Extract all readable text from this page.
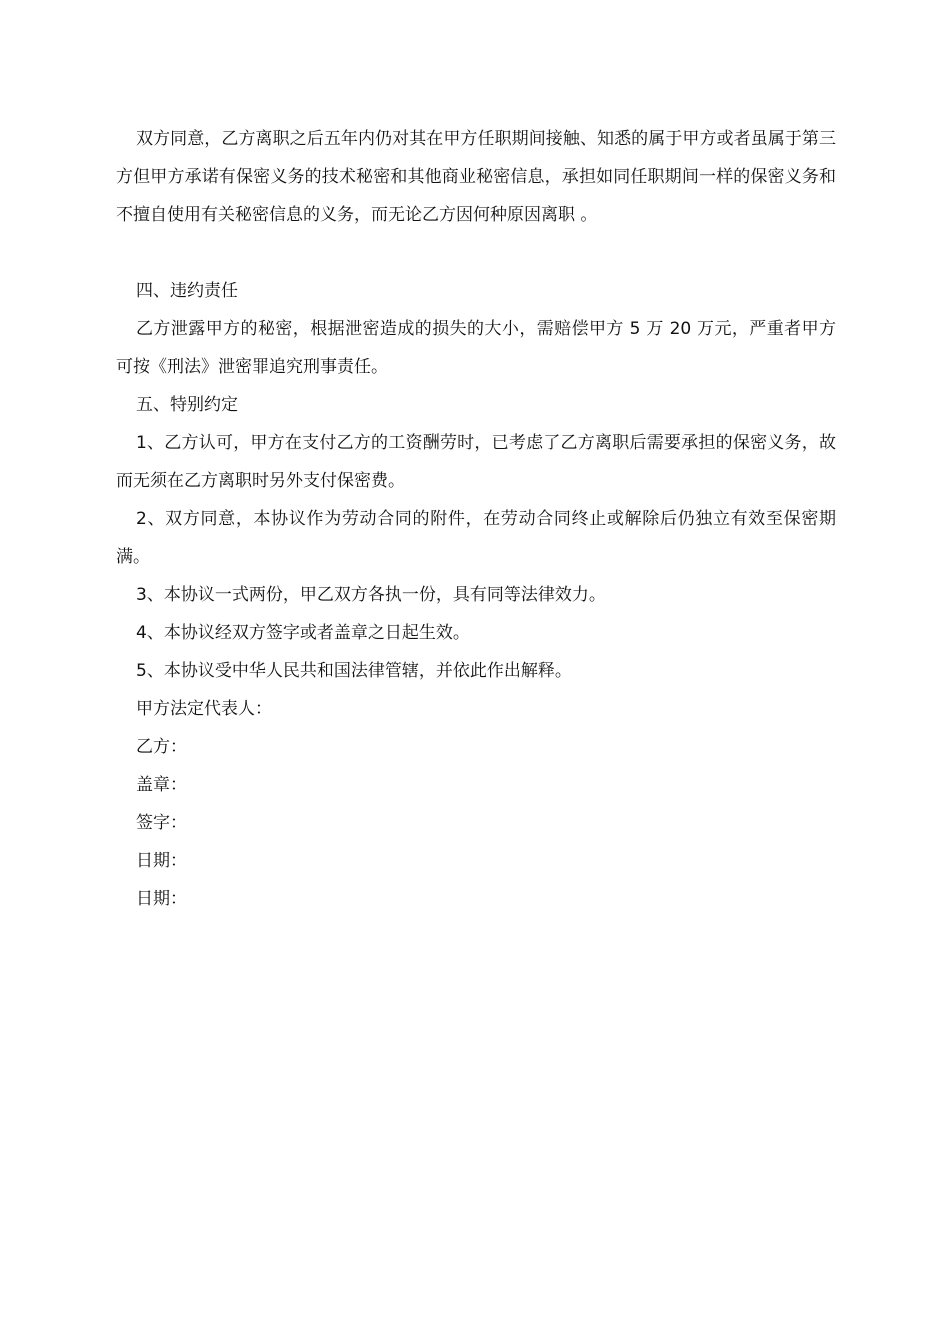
双方同意，乙方离职之后五年内仍对其在甲方任职期间接触、知悉的属于甲方或者虽属于第三方但甲方承诺有保密义务的技术秘密和其他商业秘密信息，承担如同任职期间一样的保密义务和不擅自使用有关秘密信息的义务，而无论乙方因何种原因离职 。

四、违约责任

乙方泄露甲方的秘密，根据泄密造成的损失的大小，需赔偿甲方 5 万 20 万元，严重者甲方可按《刑法》泄密罪追究刑事责任。

五、特别约定

1、乙方认可，甲方在支付乙方的工资酬劳时，已考虑了乙方离职后需要承担的保密义务，故而无须在乙方离职时另外支付保密费。

2、双方同意，本协议作为劳动合同的附件，在劳动合同终止或解除后仍独立有效至保密期满。

3、本协议一式两份，甲乙双方各执一份，具有同等法律效力。

4、本协议经双方签字或者盖章之日起生效。

5、本协议受中华人民共和国法律管辖，并依此作出解释。

甲方法定代表人：

乙方：

盖章：

签字：

日期：

日期：
